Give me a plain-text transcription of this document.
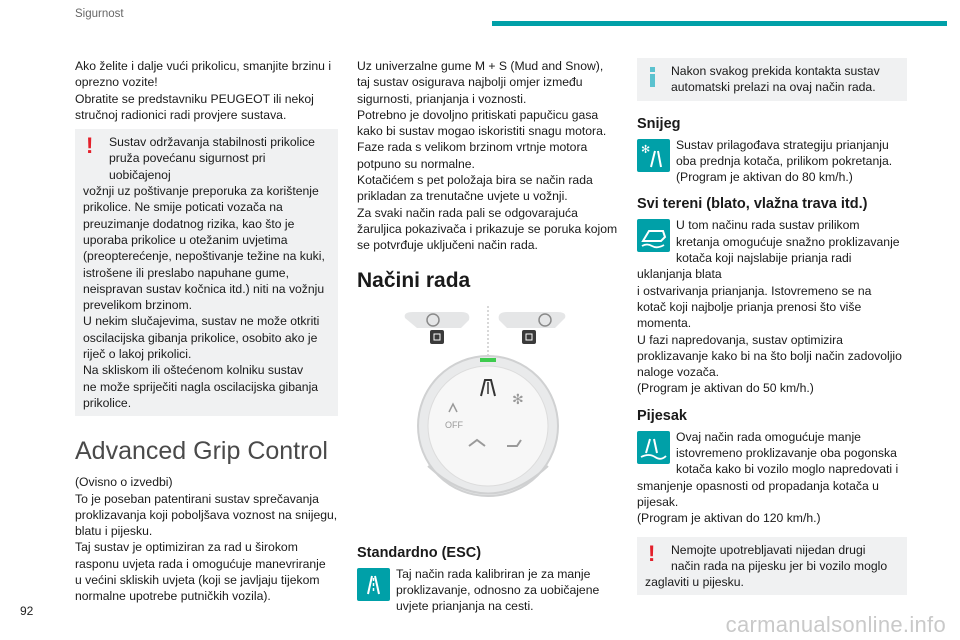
Sigurnost

Ako želite i dalje vući prikolicu, smanjite brzinu i
oprezno vozite!
Obratite se predstavniku PEUGEOT ili nekoj
stručnoj radionici radi provjere sustava.

! Sustav održavanja stabilnosti prikolice
pruža povećanu sigurnost pri uobičajenoj
vožnji uz poštivanje preporuka za korištenje
prikolice. Ne smije poticati vozača na
preuzimanje dodatnog rizika, kao što je
uporaba prikolice u otežanim uvjetima
(preopterećenje, nepoštivanje težine na kuki,
istrošene ili preslabo napuhane gume,
neispravan sustav kočnica itd.) niti na vožnju
prevelikom brzinom.
U nekim slučajevima, sustav ne može otkriti
oscilacijska gibanja prikolice, osobito ako je
riječ o lakoj prikolici.
Na skliskom ili oštećenom kolniku sustav
ne može spriječiti nagla oscilacijska gibanja
prikolice.
Advanced Grip Control

(Ovisno o izvedbi)
To je poseban patentirani sustav sprečavanja
proklizavanja koji poboljšava voznost na snijegu,
blatu i pijesku.
Taj sustav je optimiziran za rad u širokom
rasponu uvjeta rada i omogućuje manevriranje
u većini skliskih uvjeta (koji se javljaju tijekom
normalne upotrebe putničkih vozila).

Uz univerzalne gume M + S (Mud and Snow),
taj sustav osigurava najbolji omjer između
sigurnosti, prianjanja i voznosti.
Potrebno je dovoljno pritiskati papučicu gasa
kako bi sustav mogao iskoristiti snagu motora.
Faze rada s velikom brzinom vrtnje motora
potpuno su normalne.
Kotačićem s pet položaja bira se način rada
prikladan za trenutačne uvjete u vožnji.
Za svaki način rada pali se odgovarajuća
žaruljica pokazivača i prikazuje se poruka kojom
se potvrđuje uključeni način rada.

Načini rada
✻
OFF
Standardno (ESC)
Taj način rada kalibriran je za manje
proklizavanje, odnosno za uobičajene
uvjete prianjanja na cesti.
Nakon svakog prekida kontakta sustav
automatski prelazi na ovaj način rada.
Snijeg
✻ Sustav prilagođava strategiju prianjanju
oba prednja kotača, prilikom pokretanja.
(Program je aktivan do 80 km/h.)
Svi tereni (blato, vlažna trava itd.)
U tom načinu rada sustav prilikom
kretanja omogućuje snažno proklizavanje
kotača koji najslabije prianja radi uklanjanja blata
i ostvarivanja prianjanja. Istovremeno se na
kotač koji najbolje prianja prenosi što više
momenta.
U fazi napredovanja, sustav optimizira
proklizavanje kako bi na što bolji način zadovoljio
naloge vozača.
(Program je aktivan do 50 km/h.)
Pijesak
Ovaj način rada omogućuje manje
istovremeno proklizavanje oba pogonska
kotača kako bi vozilo moglo napredovati i
smanjenje opasnosti od propadanja kotača u
pijesak.
(Program je aktivan do 120 km/h.)
! Nemojte upotrebljavati nijedan drugi
način rada na pijesku jer bi vozilo moglo
zaglaviti u pijesku.
92
carmanualsonline.info
